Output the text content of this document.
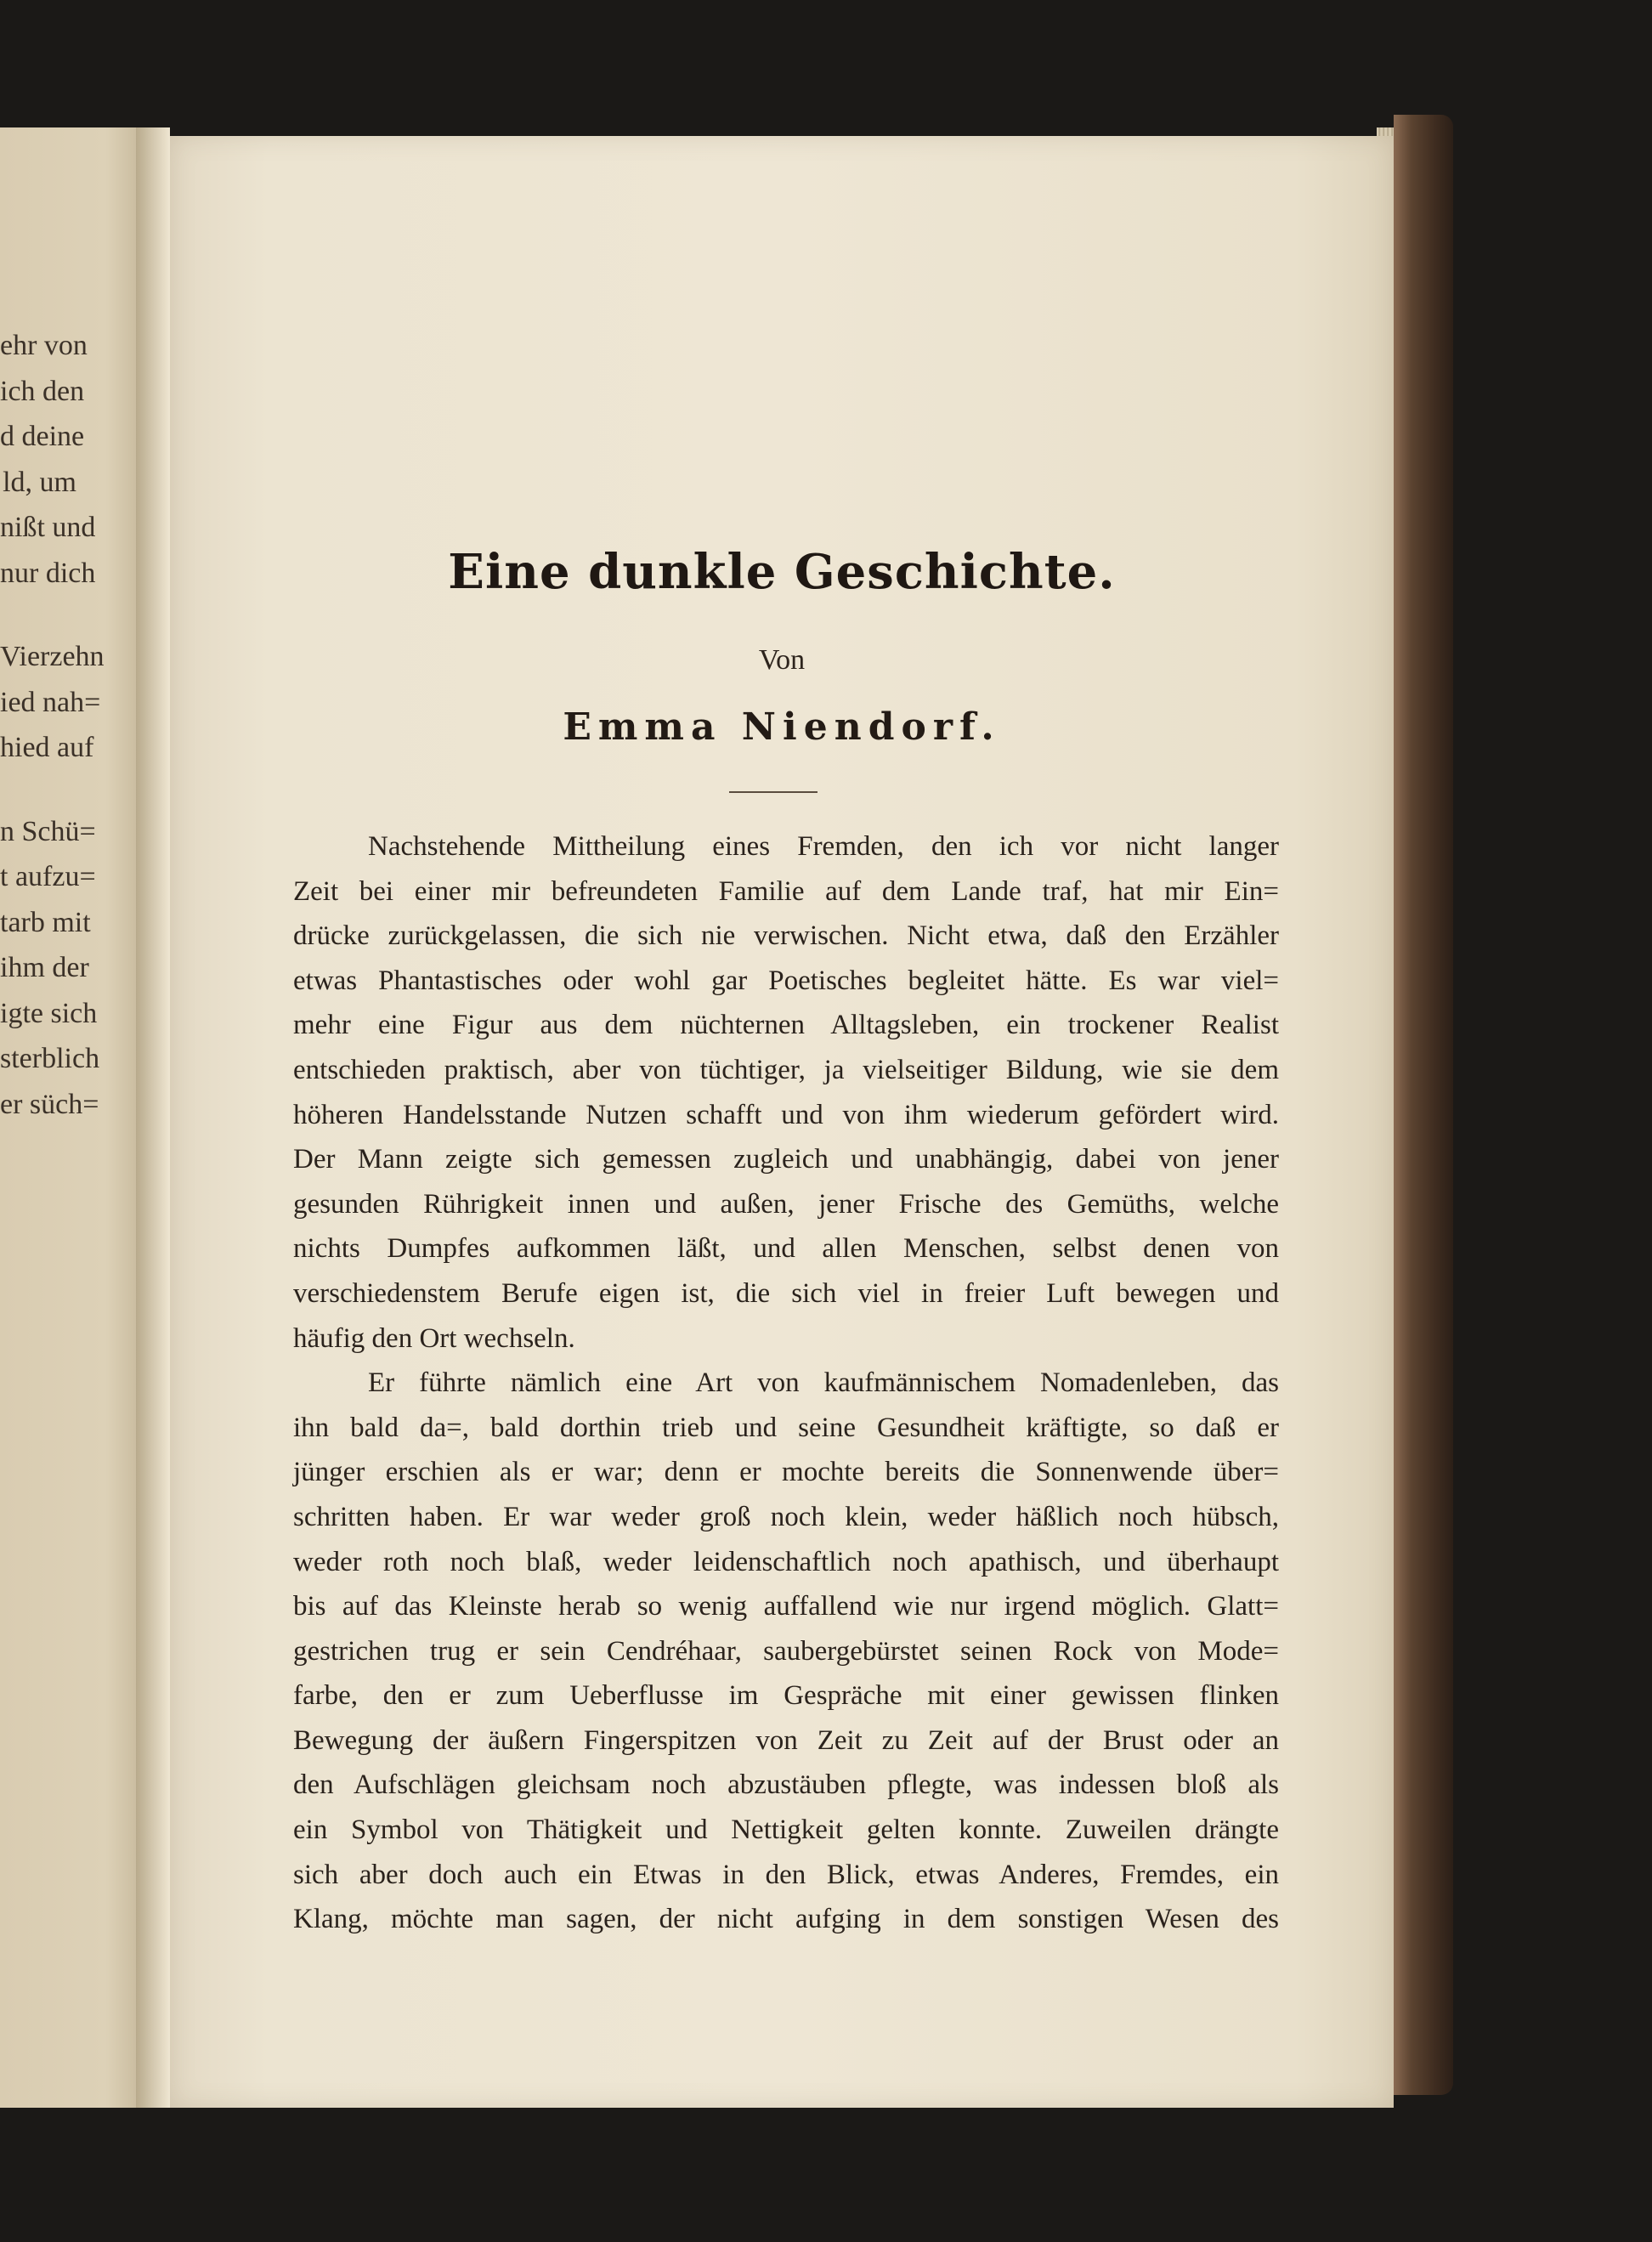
ehr von
ich den
d deine
ld, um
nißt und
nur dich
Vierzehn
ied nah=
hied auf
n Schü=
t aufzu=
tarb mit
ihm der
igte sich
sterblich
er süch=
Eine dunkle Geschichte.
Von
Emma Niendorf.
Nachstehende Mittheilung eines Fremden, den ich vor nicht langer
Zeit bei einer mir befreundeten Familie auf dem Lande traf, hat mir Ein=
drücke zurückgelassen, die sich nie verwischen. Nicht etwa, daß den Erzähler
etwas Phantastisches oder wohl gar Poetisches begleitet hätte. Es war viel=
mehr eine Figur aus dem nüchternen Alltagsleben, ein trockener Realist
entschieden praktisch, aber von tüchtiger, ja vielseitiger Bildung, wie sie dem
höheren Handelsstande Nutzen schafft und von ihm wiederum gefördert wird.
Der Mann zeigte sich gemessen zugleich und unabhängig, dabei von jener
gesunden Rührigkeit innen und außen, jener Frische des Gemüths, welche
nichts Dumpfes aufkommen läßt, und allen Menschen, selbst denen von
verschiedenstem Berufe eigen ist, die sich viel in freier Luft bewegen und
häufig den Ort wechseln.
Er führte nämlich eine Art von kaufmännischem Nomadenleben, das
ihn bald da=, bald dorthin trieb und seine Gesundheit kräftigte, so daß er
jünger erschien als er war; denn er mochte bereits die Sonnenwende über=
schritten haben. Er war weder groß noch klein, weder häßlich noch hübsch,
weder roth noch blaß, weder leidenschaftlich noch apathisch, und überhaupt
bis auf das Kleinste herab so wenig auffallend wie nur irgend möglich. Glatt=
gestrichen trug er sein Cendréhaar, saubergebürstet seinen Rock von Mode=
farbe, den er zum Ueberflusse im Gespräche mit einer gewissen flinken
Bewegung der äußern Fingerspitzen von Zeit zu Zeit auf der Brust oder an
den Aufschlägen gleichsam noch abzustäuben pflegte, was indessen bloß als
ein Symbol von Thätigkeit und Nettigkeit gelten konnte. Zuweilen drängte
sich aber doch auch ein Etwas in den Blick, etwas Anderes, Fremdes, ein
Klang, möchte man sagen, der nicht aufging in dem sonstigen Wesen des
